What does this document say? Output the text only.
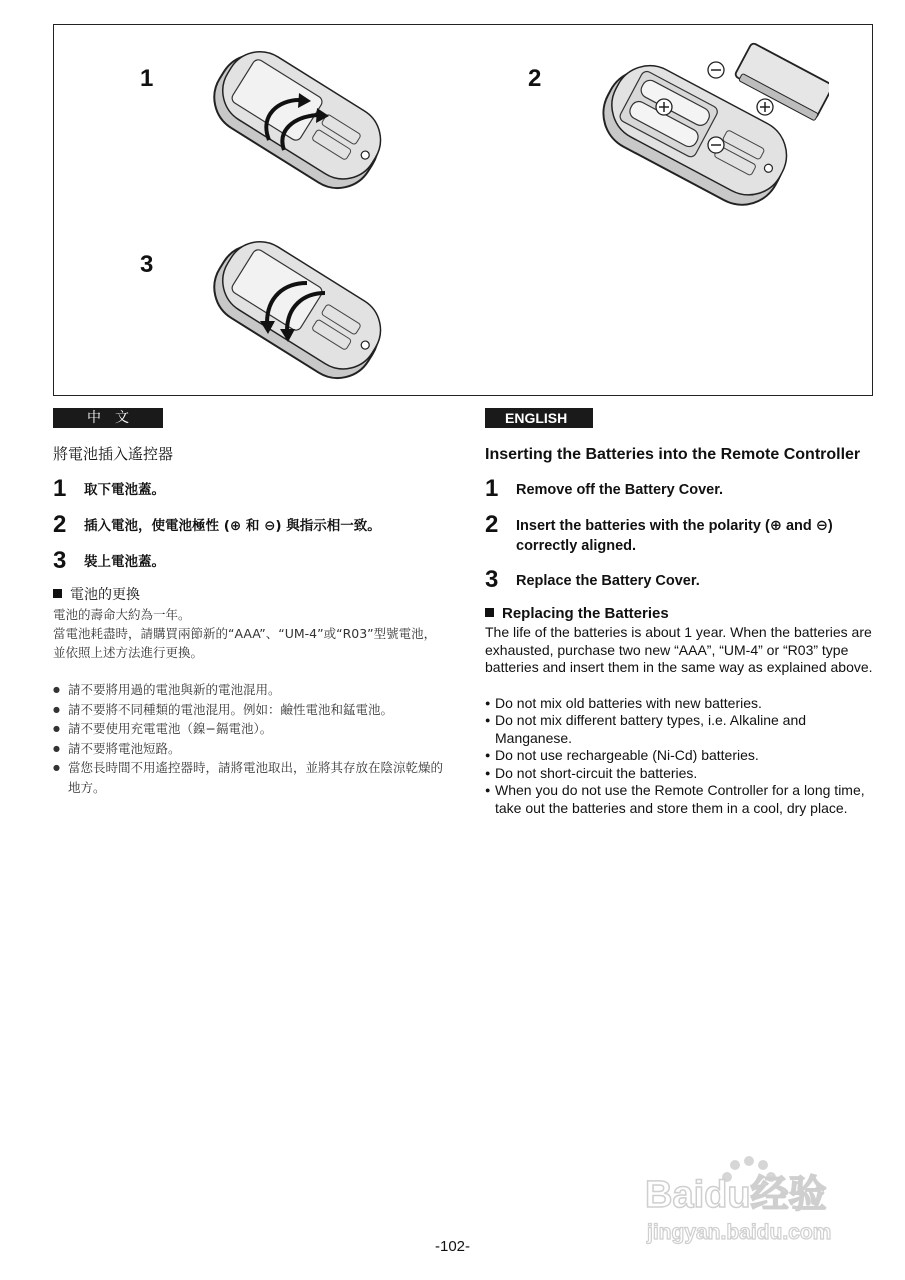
1	2
3
中文
將電池插入遙控器
1	取下電池蓋。
2	插入電池，使電池極性 (⊕ 和 ⊖) 與指示相一致。
3	裝上電池蓋。
電池的更換
電池的壽命大約為一年。
當電池耗盡時，請購買兩節新的“AAA”、“UM-4”或“R03”型號電池，並依照上述方法進行更換。
● 請不要將用過的電池與新的電池混用。
● 請不要將不同種類的電池混用。例如：鹼性電池和錳電池。
● 請不要使用充電電池（鎳−鎘電池）。
● 請不要將電池短路。
● 當您長時間不用遙控器時，請將電池取出，並將其存放在陰涼乾燥的地方。
ENGLISH
Inserting the Batteries into the Remote Controller
1	Remove off the Battery Cover.
2	Insert the batteries with the polarity (⊕ and ⊖) correctly aligned.
3	Replace the Battery Cover.
Replacing the Batteries
The life of the batteries is about 1 year. When the batteries are exhausted, purchase two new “AAA”, “UM-4” or “R03” type batteries and insert them in the same way as explained above.
● Do not mix old batteries with new batteries.
● Do not mix different battery types, i.e. Alkaline and Manganese.
● Do not use rechargeable (Ni-Cd) batteries.
● Do not short-circuit the batteries.
● When you do not use the Remote Controller for a long time, take out the batteries and store them in a cool, dry place.
Baidu经验
jingyan.baidu.com
-102-
